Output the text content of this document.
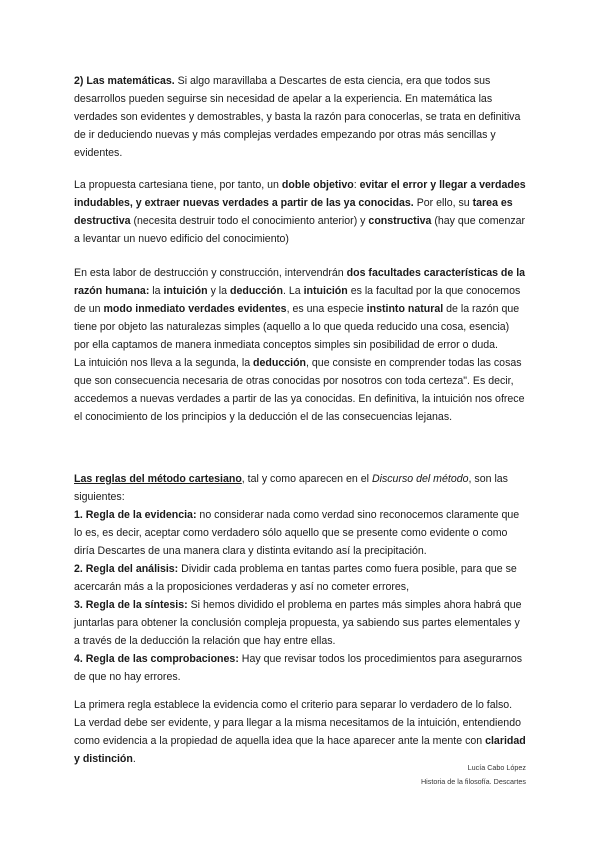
2) Las matemáticas. Si algo maravillaba a Descartes de esta ciencia, era que todos sus desarrollos pueden seguirse sin necesidad de apelar a la experiencia. En matemática las verdades son evidentes y demostrables, y basta la razón para conocerlas, se trata en definitiva de ir deduciendo nuevas y más complejas verdades empezando por otras más sencillas y evidentes.
La propuesta cartesiana tiene, por tanto, un doble objetivo: evitar el error y llegar a verdades indudables, y extraer nuevas verdades a partir de las ya conocidas. Por ello, su tarea es destructiva (necesita destruir todo el conocimiento anterior) y constructiva (hay que comenzar a levantar un nuevo edificio del conocimiento)
En esta labor de destrucción y construcción, intervendrán dos facultades características de la razón humana: la intuición y la deducción. La intuición es la facultad por la que conocemos de un modo inmediato verdades evidentes, es una especie instinto natural de la razón que tiene por objeto las naturalezas simples (aquello a lo que queda reducido una cosa, esencia) por ella captamos de manera inmediata conceptos simples sin posibilidad de error o duda.
La intuición nos lleva a la segunda, la deducción, que consiste en comprender todas las cosas que son consecuencia necesaria de otras conocidas por nosotros con toda certeza". Es decir, accedemos a nuevas verdades a partir de las ya conocidas. En definitiva, la intuición nos ofrece el conocimiento de los principios y la deducción el de las consecuencias lejanas.
Las reglas del método cartesiano, tal y como aparecen en el Discurso del método, son las siguientes:
1. Regla de la evidencia: no considerar nada como verdad sino reconocemos claramente que lo es, es decir, aceptar como verdadero sólo aquello que se presente como evidente o como diría Descartes de una manera clara y distinta evitando así la precipitación.
2. Regla del análisis: Dividir cada problema en tantas partes como fuera posible, para que se acercarán más a la proposiciones verdaderas y así no cometer errores,
3. Regla de la síntesis: Si hemos dividido el problema en partes más simples ahora habrá que juntarlas para obtener la conclusión compleja propuesta, ya sabiendo sus partes elementales y a través de la deducción la relación que hay entre ellas.
4. Regla de las comprobaciones: Hay que revisar todos los procedimientos para asegurarnos de que no hay errores.
La primera regla establece la evidencia como el criterio para separar lo verdadero de lo falso. La verdad debe ser evidente, y para llegar a la misma necesitamos de la intuición, entendiendo como evidencia a la propiedad de aquella idea que la hace aparecer ante la mente con claridad y distinción.
Lucía Cabo López
Historia de la filosofía. Descartes
